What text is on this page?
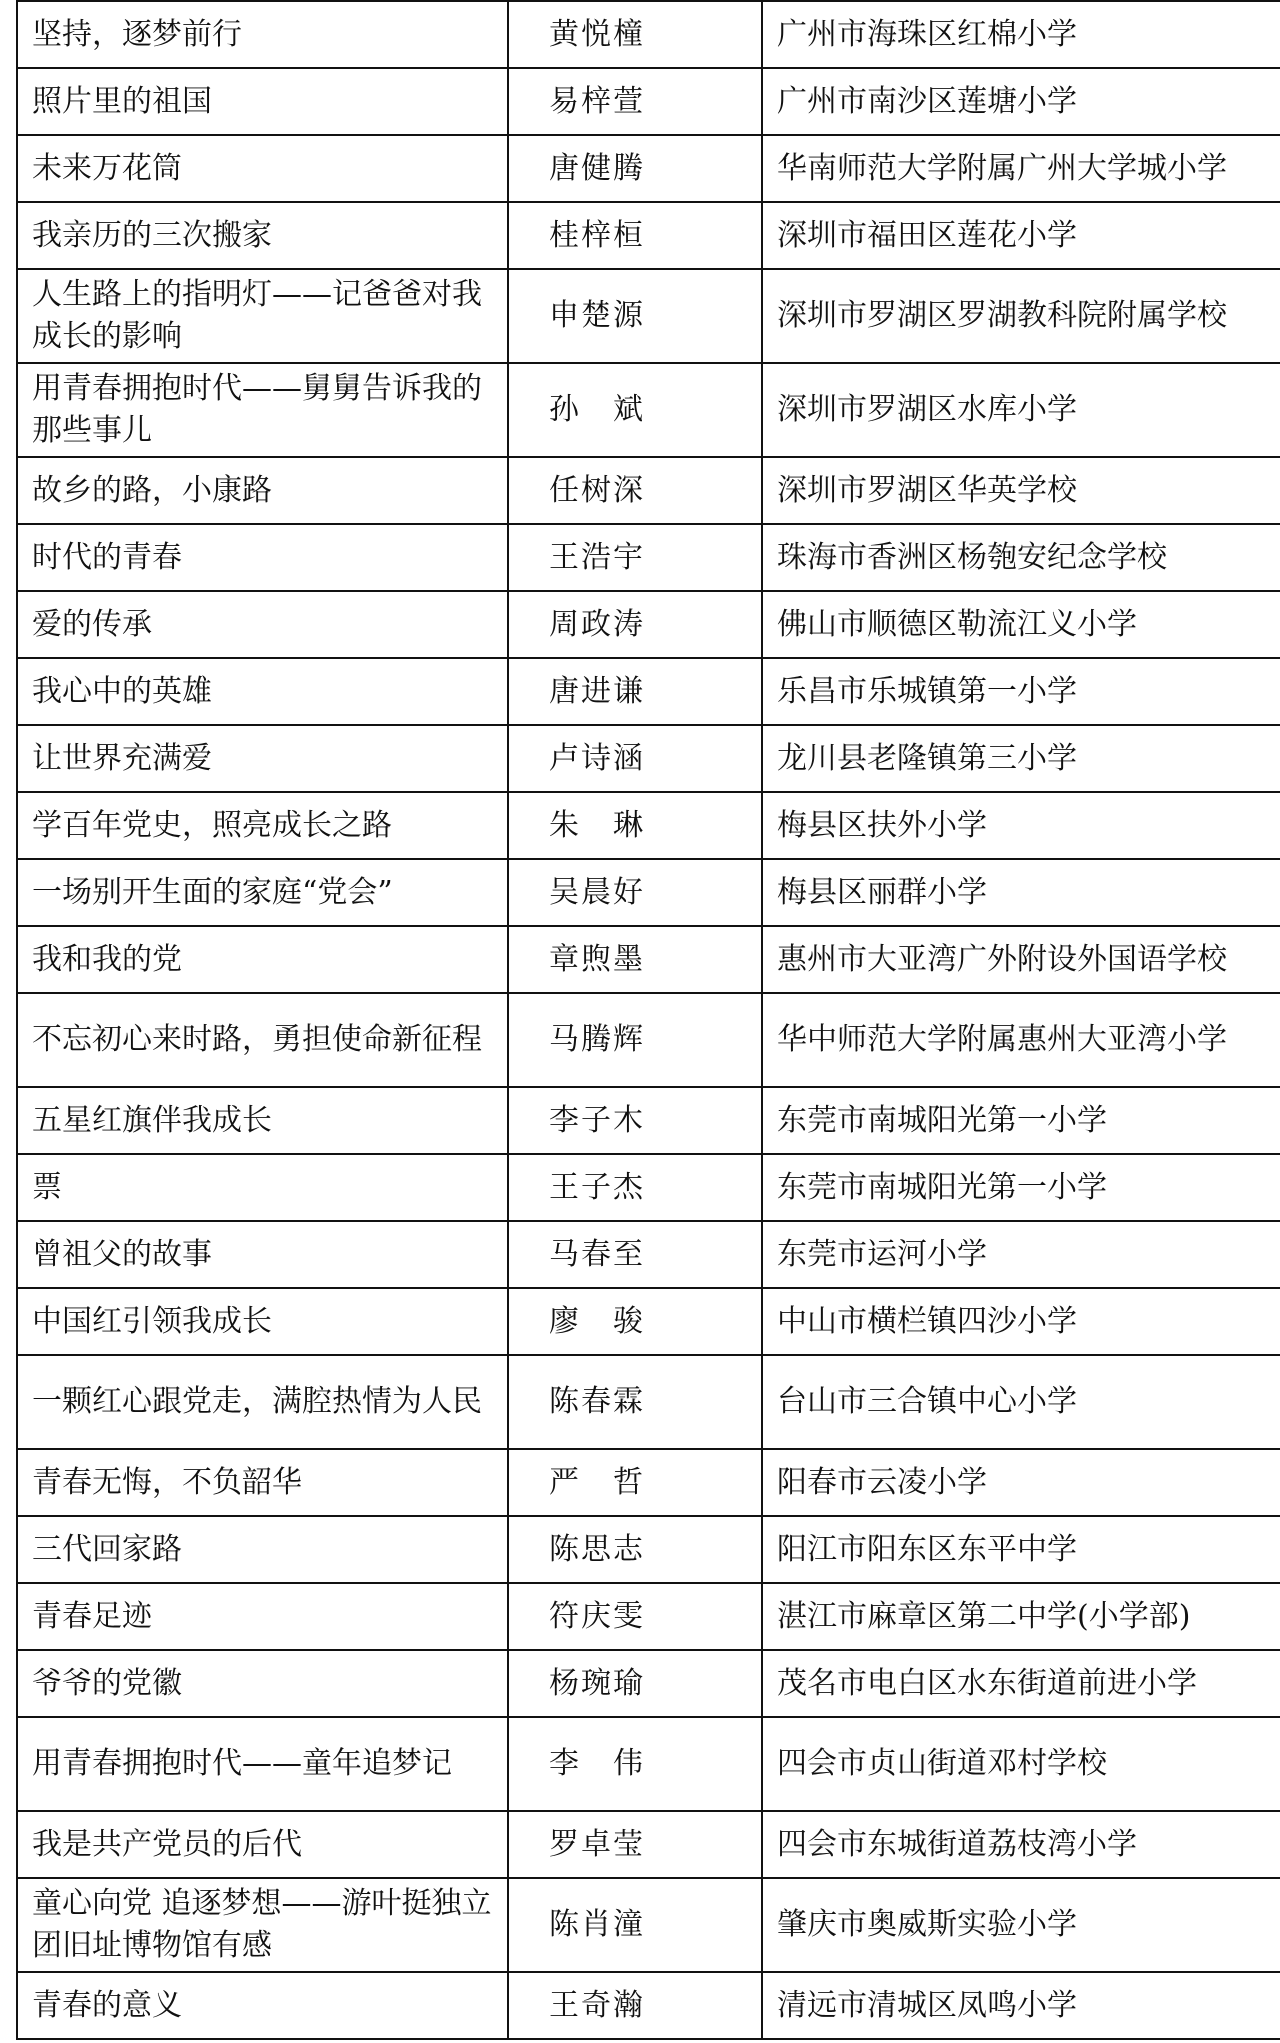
坚持，逐梦前行	黄悦橦	广州市海珠区红棉小学
照片里的祖国	易梓萱	广州市南沙区莲塘小学
未来万花筒	唐健腾	华南师范大学附属广州大学城小学
我亲历的三次搬家	桂梓桓	深圳市福田区莲花小学
人生路上的指明灯——记爸爸对我成长的影响	申楚源	深圳市罗湖区罗湖教科院附属学校
用青春拥抱时代——舅舅告诉我的那些事儿	孙　斌	深圳市罗湖区水库小学
故乡的路，小康路	任树深	深圳市罗湖区华英学校
时代的青春	王浩宇	珠海市香洲区杨匏安纪念学校
爱的传承	周政涛	佛山市顺德区勒流江义小学
我心中的英雄	唐进谦	乐昌市乐城镇第一小学
让世界充满爱	卢诗涵	龙川县老隆镇第三小学
学百年党史，照亮成长之路	朱　琳	梅县区扶外小学
一场别开生面的家庭“党会”	吴晨好	梅县区丽群小学
我和我的党	章煦墨	惠州市大亚湾广外附设外国语学校
不忘初心来时路，勇担使命新征程	马腾辉	华中师范大学附属惠州大亚湾小学
五星红旗伴我成长	李子木	东莞市南城阳光第一小学
票	王子杰	东莞市南城阳光第一小学
曾祖父的故事	马春至	东莞市运河小学
中国红引领我成长	廖　骏	中山市横栏镇四沙小学
一颗红心跟党走，满腔热情为人民	陈春霖	台山市三合镇中心小学
青春无悔，不负韶华	严　哲	阳春市云凌小学
三代回家路	陈思志	阳江市阳东区东平中学
青春足迹	符庆雯	湛江市麻章区第二中学(小学部)
爷爷的党徽	杨琬瑜	茂名市电白区水东街道前进小学
用青春拥抱时代——童年追梦记	李　伟	四会市贞山街道邓村学校
我是共产党员的后代	罗卓莹	四会市东城街道荔枝湾小学
童心向党 追逐梦想——游叶挺独立团旧址博物馆有感	陈肖潼	肇庆市奥威斯实验小学
青春的意义	王奇瀚	清远市清城区凤鸣小学
